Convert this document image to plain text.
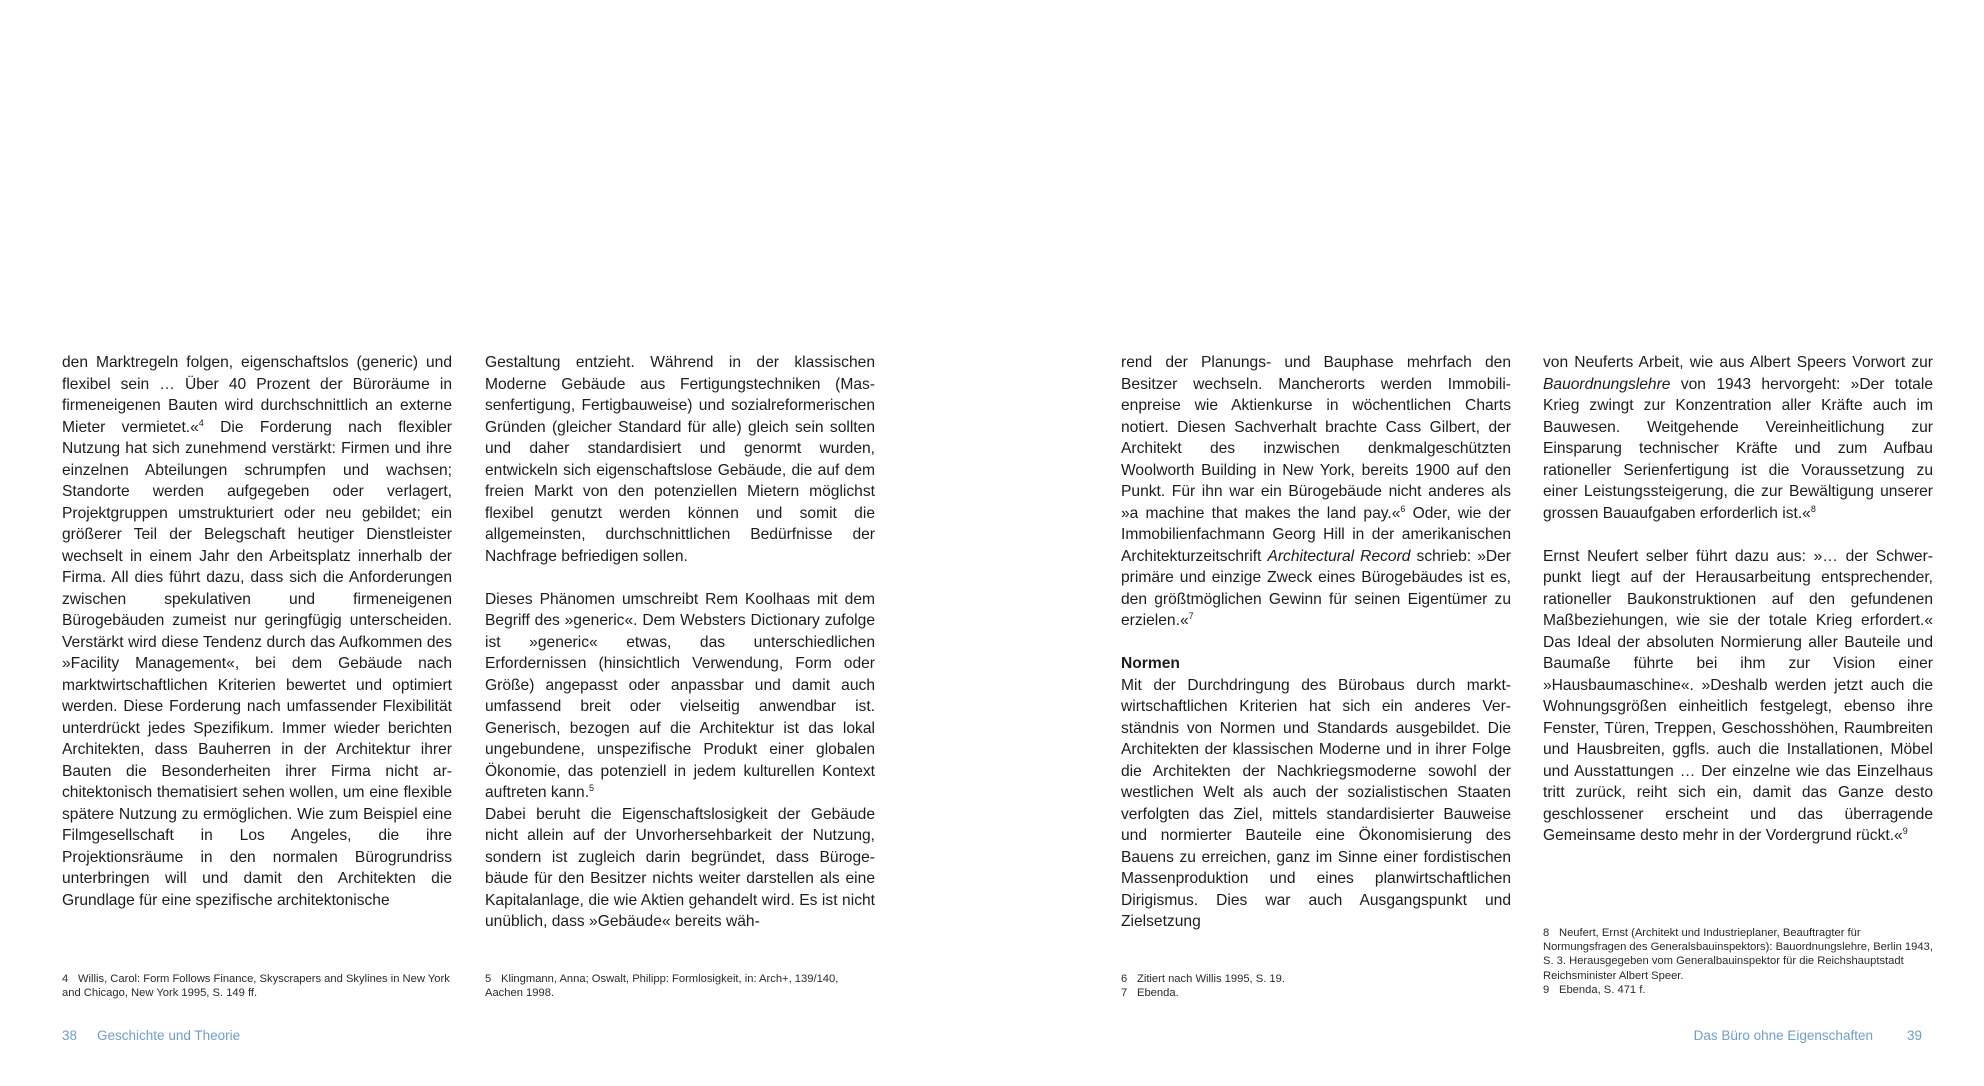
den Marktregeln folgen, eigenschaftslos (generic) und flexibel sein … Über 40 Prozent der Büroräume in firmeneigenen Bauten wird durchschnittlich an externe Mieter vermietet.«$^4$ Die Forderung nach flexibler Nutzung hat sich zunehmend verstärkt: Firmen und ihre einzelnen Abteilungen schrumpfen und wachsen; Standorte werden aufgegeben oder verlagert, Projektgruppen umstrukturiert oder neu gebildet; ein größerer Teil der Belegschaft heutiger Dienstleister wechselt in einem Jahr den Arbeitsplatz innerhalb der Firma. All dies führt dazu, dass sich die Anforderungen zwischen spekulativen und firmeneigenen Bürogebäuden zumeist nur geringfügig unterscheiden. Verstärkt wird diese Tendenz durch das Aufkommen des »Facility Management«, bei dem Gebäude nach marktwirtschaftlichen Kriterien bewertet und optimiert werden. Diese Forderung nach umfassender Flexibilität unterdrückt jedes Spezifikum. Immer wieder berichten Architekten, dass Bauherren in der Architektur ihrer Bauten die Besonderheiten ihrer Firma nicht architektonisch thematisiert sehen wollen, um eine flexible spätere Nutzung zu ermöglichen. Wie zum Beispiel eine Filmgesellschaft in Los Angeles, die ihre Projektionsräume in den normalen Bürogrundriss unterbringen will und damit den Architekten die Grundlage für eine spezifische architektonische

Gestaltung entzieht. Während in der klassischen Moderne Gebäude aus Fertigungstechniken (Massenfertigung, Fertigbauweise) und sozialreformerischen Gründen (gleicher Standard für alle) gleich sein sollten und daher standardisiert und genormt wurden, entwickeln sich eigenschaftslose Gebäude, die auf dem freien Markt von den potenziellen Mietern möglichst flexibel genutzt werden können und somit die allgemeinsten, durchschnittlichen Bedürfnisse der Nachfrage befriedigen sollen.

Dieses Phänomen umschreibt Rem Koolhaas mit dem Begriff des »generic«. Dem Websters Dictionary zufolge ist »generic« etwas, das unterschiedlichen Erfordernissen (hinsichtlich Verwendung, Form oder Größe) angepasst oder anpassbar und damit auch umfassend breit oder vielseitig anwendbar ist. Generisch, bezogen auf die Architektur ist das lokal ungebundene, unspezifische Produkt einer globalen Ökonomie, das potenziell in jedem kulturellen Kontext auftreten kann.$^5$

Dabei beruht die Eigenschaftslosigkeit der Gebäude nicht allein auf der Unvorhersehbarkeit der Nutzung, sondern ist zugleich darin begründet, dass Bürogebäude für den Besitzer nichts weiter darstellen als eine Kapitalanlage, die wie Aktien gehandelt wird. Es ist nicht unüblich, dass »Gebäude« bereits wäh-

4 Willis, Carol: Form Follows Finance, Skyscrapers and Skylines in New York and Chicago, New York 1995, S. 149 ff.
5 Klingmann, Anna; Oswalt, Philipp: Formlosigkeit, in: Arch+, 139/140, Aachen 1998.
38 Geschichte und Theorie

rend der Planungs- und Bauphase mehrfach den Besitzer wechseln. Mancherorts werden Immobilienpreise wie Aktienkurse in wöchentlichen Charts notiert. Diesen Sachverhalt brachte Cass Gilbert, der Architekt des inzwischen denkmalgeschützten Woolworth Building in New York, bereits 1900 auf den Punkt. Für ihn war ein Bürogebäude nicht anderes als »a machine that makes the land pay.«$^6$ Oder, wie der Immobilienfachmann Georg Hill in der amerikanischen Architekturzeitschrift Architectural Record schrieb: »Der primäre und einzige Zweck eines Bürogebäudes ist es, den größtmöglichen Gewinn für seinen Eigentümer zu erzielen.«$^7$

Normen

Mit der Durchdringung des Bürobaus durch marktwirtschaftlichen Kriterien hat sich ein anderes Verständnis von Normen und Standards ausgebildet. Die Architekten der klassischen Moderne und in ihrer Folge die Architekten der Nachkriegsmoderne sowohl der westlichen Welt als auch der sozialistischen Staaten verfolgten das Ziel, mittels standardisierter Bauweise und normierter Bauteile eine Ökonomisierung des Bauens zu erreichen, ganz im Sinne einer fordistischen Massenproduktion und eines planwirtschaftlichen Dirigismus. Dies war auch Ausgangspunkt und Zielsetzung

von Neuferts Arbeit, wie aus Albert Speers Vorwort zur Bauordnungslehre von 1943 hervorgeht: »Der totale Krieg zwingt zur Konzentration aller Kräfte auch im Bauwesen. Weitgehende Vereinheitlichung zur Einsparung technischer Kräfte und zum Aufbau rationeller Serienfertigung ist die Voraussetzung zu einer Leistungssteigerung, die zur Bewältigung unserer grossen Bauaufgaben erforderlich ist.«$^8$

Ernst Neufert selber führt dazu aus: »… der Schwerpunkt liegt auf der Herausarbeitung entsprechender, rationeller Baukonstruktionen auf den gefundenen Maßbeziehungen, wie sie der totale Krieg erfordert.« Das Ideal der absoluten Normierung aller Bauteile und Baumaße führte bei ihm zur Vision einer »Hausbaumaschine«. »Deshalb werden jetzt auch die Wohnungsgrößen einheitlich festgelegt, ebenso ihre Fenster, Türen, Treppen, Geschosshöhen, Raumbreiten und Hausbreiten, ggfls. auch die Installationen, Möbel und Ausstattungen … Der einzelne wie das Einzelhaus tritt zurück, reiht sich ein, damit das Ganze desto geschlossener erscheint und das überragende Gemeinsame desto mehr in der Vordergrund rückt.«$^9$

6 Zitiert nach Willis 1995, S. 19.
7 Ebenda.
8 Neufert, Ernst (Architekt und Industrieplaner, Beauftragter für Normungsfragen des Generalsbauinspektors): Bauordnungslehre, Berlin 1943, S. 3. Herausgegeben vom Generalbauinspektor für die Reichshauptstadt Reichsminister Albert Speer.
9 Ebenda, S. 471 f.
Das Büro ohne Eigenschaften	39
